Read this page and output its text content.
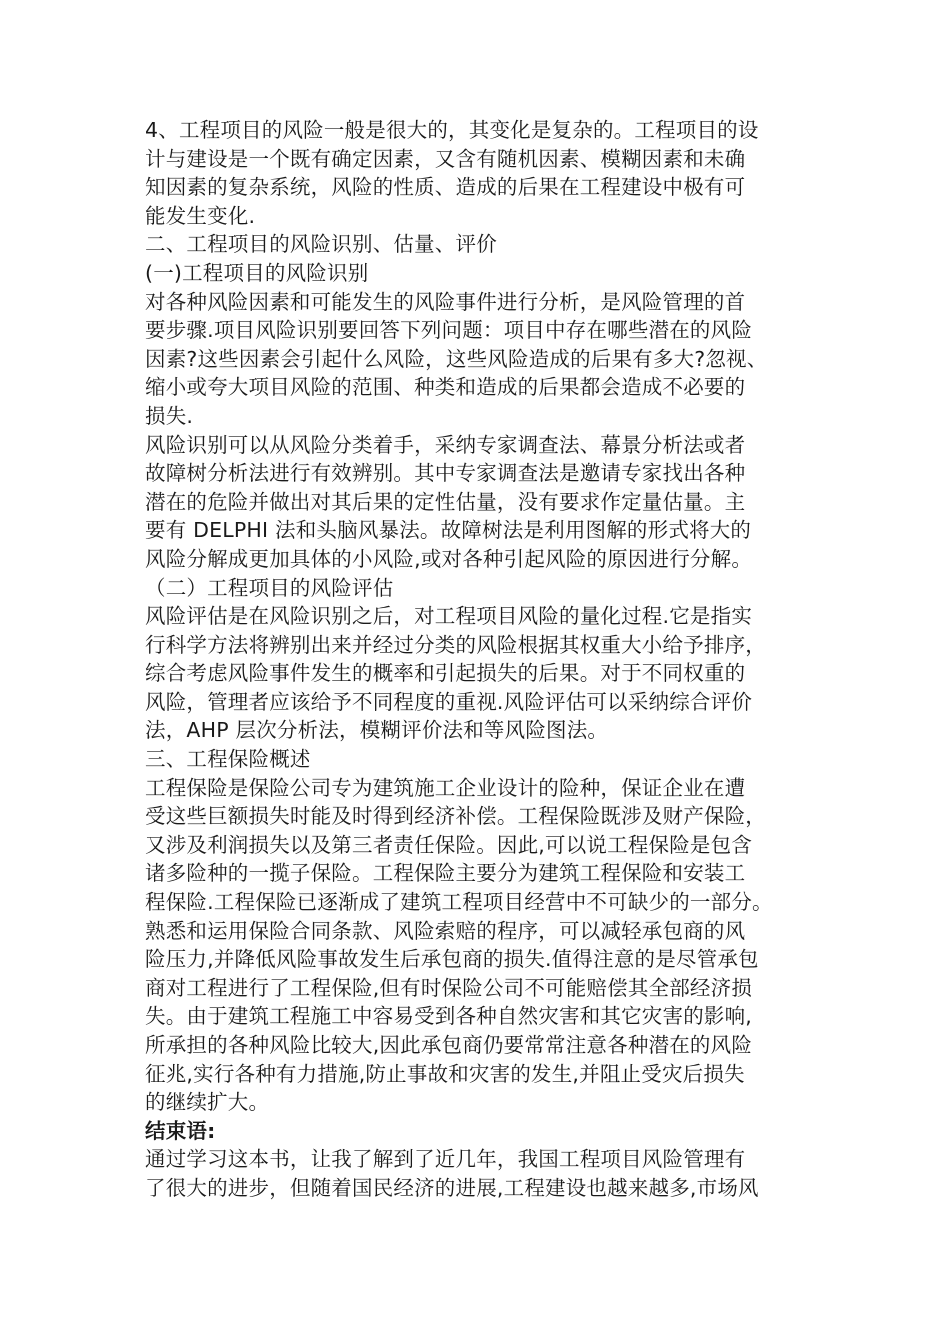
4、工程项目的风险一般是很大的，其变化是复杂的。工程项目的设
计与建设是一个既有确定因素，又含有随机因素、模糊因素和未确
知因素的复杂系统，风险的性质、造成的后果在工程建设中极有可
能发生变化.
二、工程项目的风险识别、估量、评价
(一)工程项目的风险识别
对各种风险因素和可能发生的风险事件进行分析，是风险管理的首
要步骤.项目风险识别要回答下列问题：项目中存在哪些潜在的风险
因素?这些因素会引起什么风险，这些风险造成的后果有多大?忽视、
缩小或夸大项目风险的范围、种类和造成的后果都会造成不必要的
损失.
风险识别可以从风险分类着手，采纳专家调查法、幕景分析法或者
故障树分析法进行有效辨别。其中专家调查法是邀请专家找出各种
潜在的危险并做出对其后果的定性估量，没有要求作定量估量。主
要有 DELPHI 法和头脑风暴法。故障树法是利用图解的形式将大的
风险分解成更加具体的小风险,或对各种引起风险的原因进行分解。
（二）工程项目的风险评估
风险评估是在风险识别之后，对工程项目风险的量化过程.它是指实
行科学方法将辨别出来并经过分类的风险根据其权重大小给予排序，
综合考虑风险事件发生的概率和引起损失的后果。对于不同权重的
风险，管理者应该给予不同程度的重视.风险评估可以采纳综合评价
法，AHP 层次分析法，模糊评价法和等风险图法。
三、工程保险概述
工程保险是保险公司专为建筑施工企业设计的险种，保证企业在遭
受这些巨额损失时能及时得到经济补偿。工程保险既涉及财产保险，
又涉及利润损失以及第三者责任保险。因此,可以说工程保险是包含
诸多险种的一揽子保险。工程保险主要分为建筑工程保险和安装工
程保险.工程保险已逐渐成了建筑工程项目经营中不可缺少的一部分。
熟悉和运用保险合同条款、风险索赔的程序，可以减轻承包商的风
险压力,并降低风险事故发生后承包商的损失.值得注意的是尽管承包
商对工程进行了工程保险,但有时保险公司不可能赔偿其全部经济损
失。由于建筑工程施工中容易受到各种自然灾害和其它灾害的影响,
所承担的各种风险比较大,因此承包商仍要常常注意各种潜在的风险
征兆,实行各种有力措施,防止事故和灾害的发生,并阻止受灾后损失
的继续扩大。
结束语:
通过学习这本书，让我了解到了近几年，我国工程项目风险管理有
了很大的进步，但随着国民经济的进展,工程建设也越来越多,市场风
